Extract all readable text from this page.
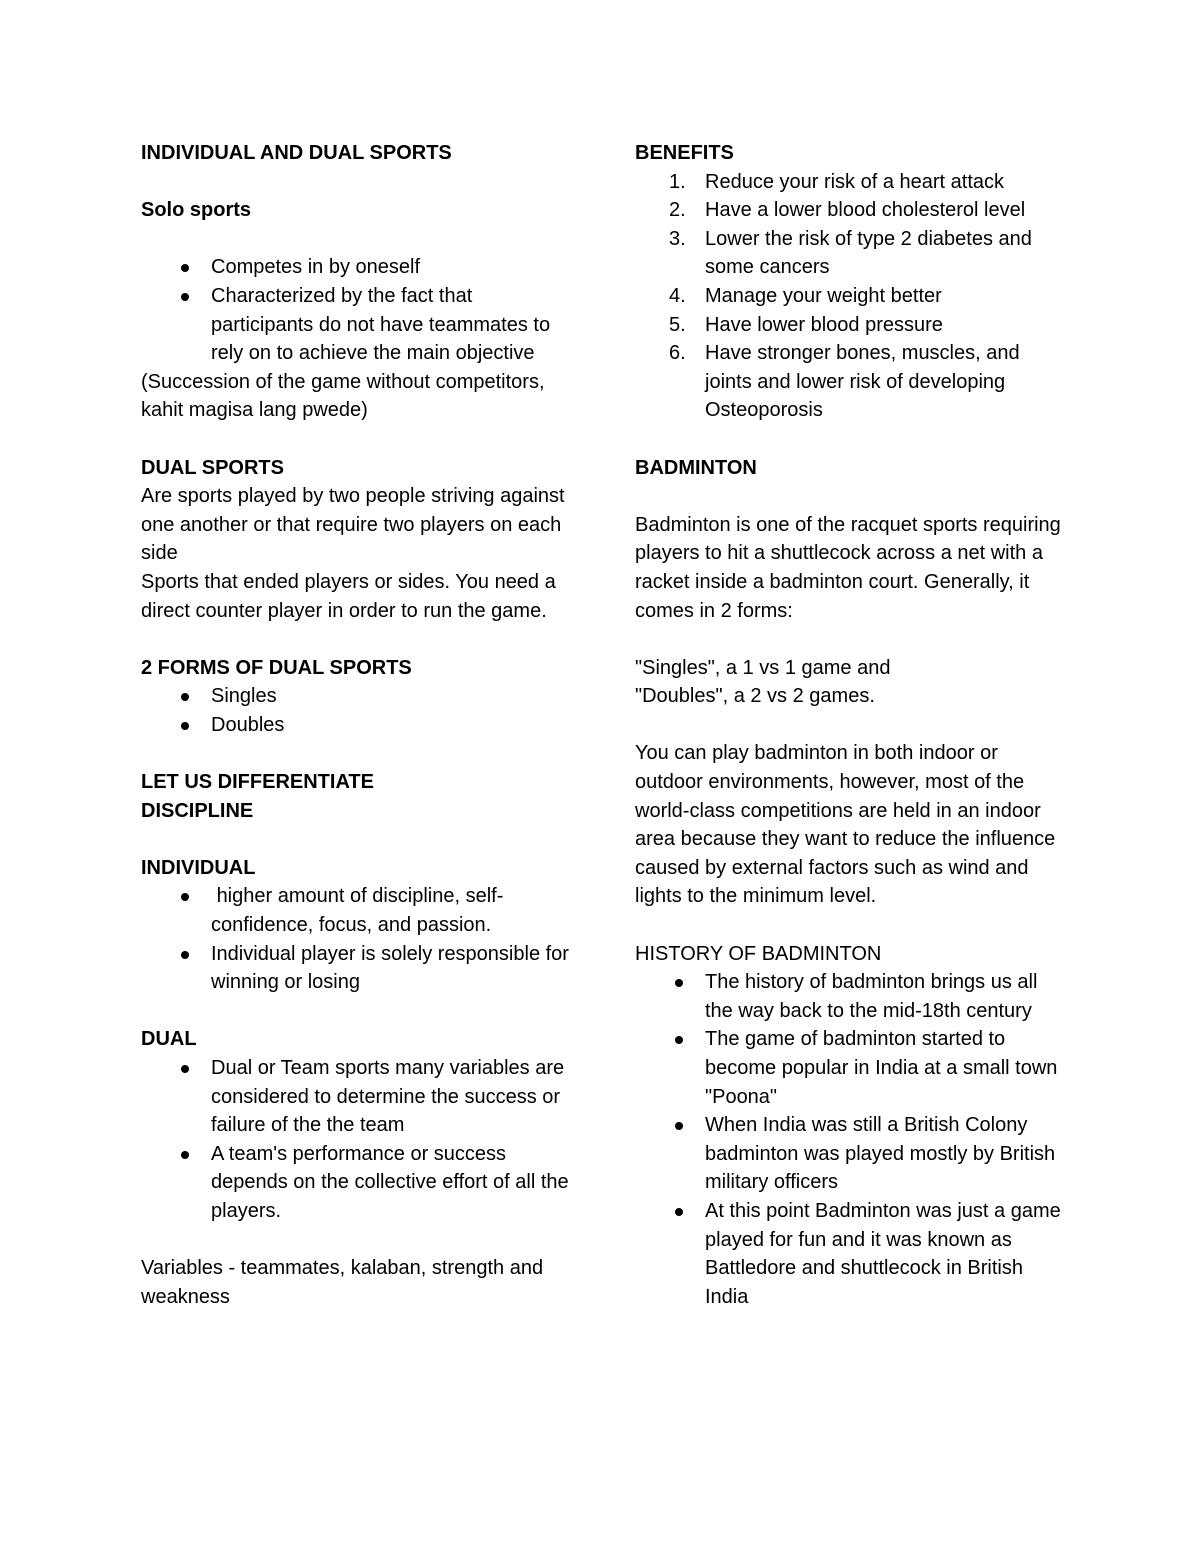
INDIVIDUAL AND DUAL SPORTS
Solo sports
Competes in by oneself
Characterized by the fact that participants do not have teammates to rely on to achieve the main objective
(Succession of the game without competitors, kahit magisa lang pwede)
DUAL SPORTS
Are sports played by two people striving against one another or that require two players on each side
Sports that ended players or sides. You need a direct counter player in order to run the game.
2 FORMS OF DUAL SPORTS
Singles
Doubles
LET US DIFFERENTIATE
DISCIPLINE
INDIVIDUAL
higher amount of discipline, self-confidence, focus, and passion.
Individual player is solely responsible for winning or losing
DUAL
Dual or Team sports many variables are considered to determine the success or failure of the the team
A team's performance or success depends on the collective effort of all the players.
Variables - teammates, kalaban, strength and weakness
BENEFITS
1. Reduce your risk of a heart attack
2. Have a lower blood cholesterol level
3. Lower the risk of type 2 diabetes and some cancers
4. Manage your weight better
5. Have lower blood pressure
6. Have stronger bones, muscles, and joints and lower risk of developing Osteoporosis
BADMINTON
Badminton is one of the racquet sports requiring players to hit a shuttlecock across a net with a racket inside a badminton court. Generally, it comes in 2 forms:
"Singles", a 1 vs 1 game and
"Doubles", a 2 vs 2 games.
You can play badminton in both indoor or outdoor environments, however, most of the world-class competitions are held in an indoor area because they want to reduce the influence caused by external factors such as wind and lights to the minimum level.
HISTORY OF BADMINTON
The history of badminton brings us all the way back to the mid-18th century
The game of badminton started to become popular in India at a small town "Poona"
When India was still a British Colony badminton was played mostly by British military officers
At this point Badminton was just a game played for fun and it was known as Battledore and shuttlecock in British India
